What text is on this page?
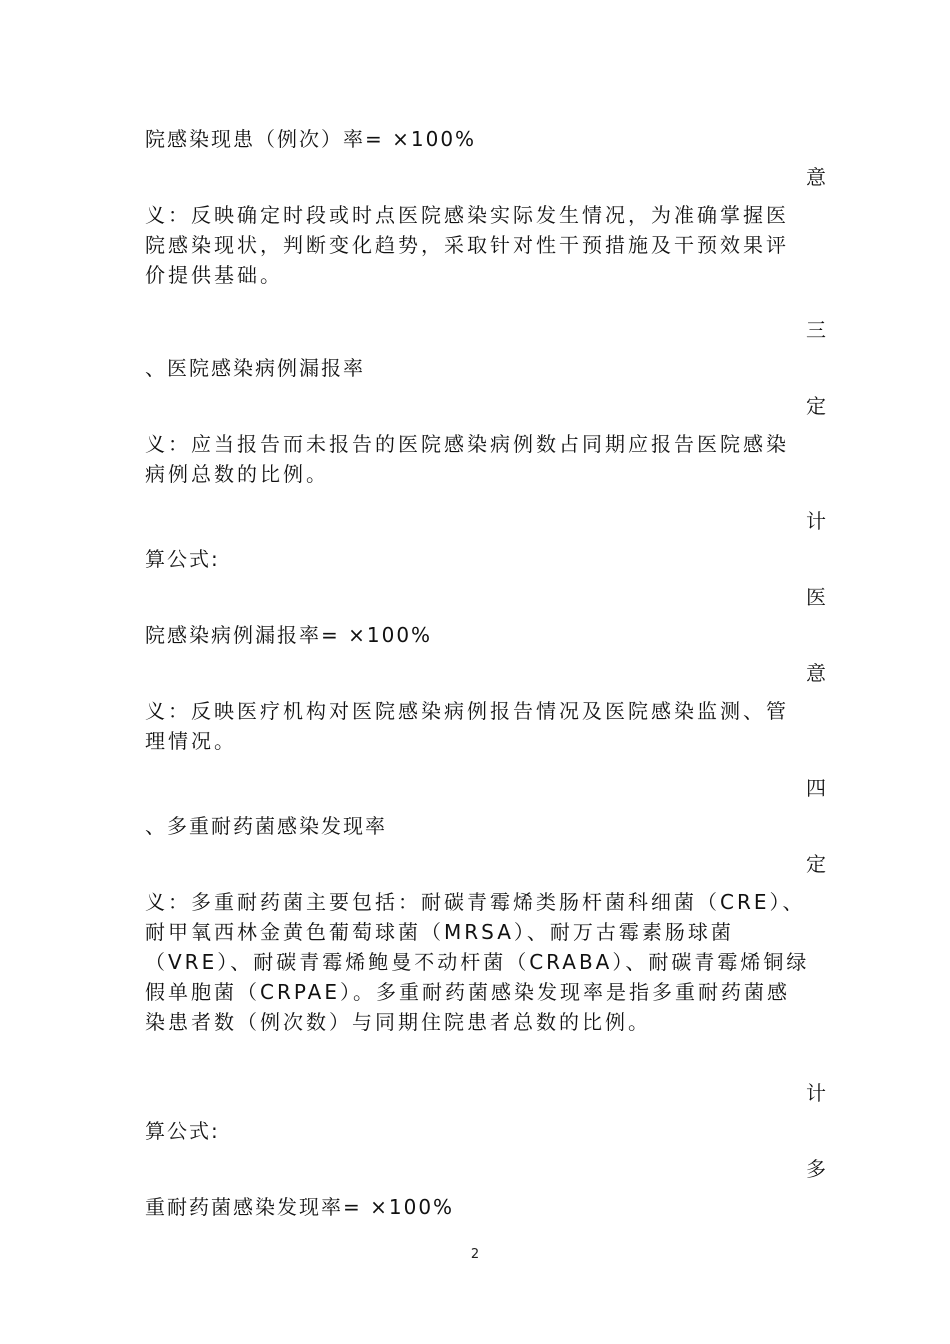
院感染现患（例次）率= ×100%
意
义：反映确定时段或时点医院感染实际发生情况，为准确掌握医院感染现状，判断变化趋势，采取针对性干预措施及干预效果评价提供基础。
三
、医院感染病例漏报率
定
义：应当报告而未报告的医院感染病例数占同期应报告医院感染病例总数的比例。
计
算公式:
医
院感染病例漏报率= ×100%
意
义：反映医疗机构对医院感染病例报告情况及医院感染监测、管理情况。
四
、多重耐药菌感染发现率
定
义：多重耐药菌主要包括：耐碳青霉烯类肠杆菌科细菌（CRE）、耐甲氧西林金黄色葡萄球菌（MRSA）、耐万古霉素肠球菌（VRE）、耐碳青霉烯鲍曼不动杆菌（CRABA）、耐碳青霉烯铜绿假单胞菌（CRPAE）。多重耐药菌感染发现率是指多重耐药菌感染患者数（例次数）与同期住院患者总数的比例。
计
算公式:
多
重耐药菌感染发现率= ×100%
2
